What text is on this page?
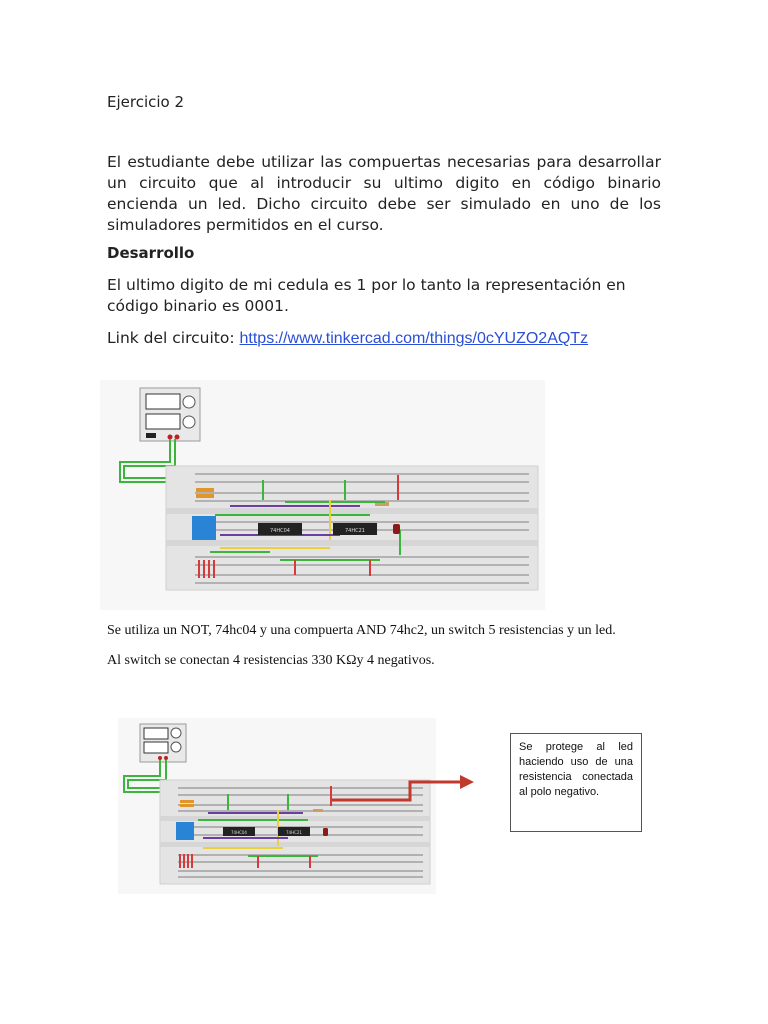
Ejercicio 2
El estudiante debe utilizar las compuertas necesarias para desarrollar un circuito que al introducir su ultimo digito en código binario encienda un led. Dicho circuito debe ser simulado en uno de los simuladores permitidos en el curso.
Desarrollo
El ultimo digito de mi cedula es 1 por lo tanto la representación en código binario es 0001.
Link del circuito: https://www.tinkercad.com/things/0cYUZO2AQTz
74HC04	74HC21
Se utiliza un NOT, 74hc04 y una compuerta AND 74hc2, un switch 5 resistencias y un led.
Al switch se conectan 4 resistencias 330 KΩy 4 negativos.
74HC04	74HC21
Se protege al led haciendo uso de una resistencia conectada al polo negativo.
